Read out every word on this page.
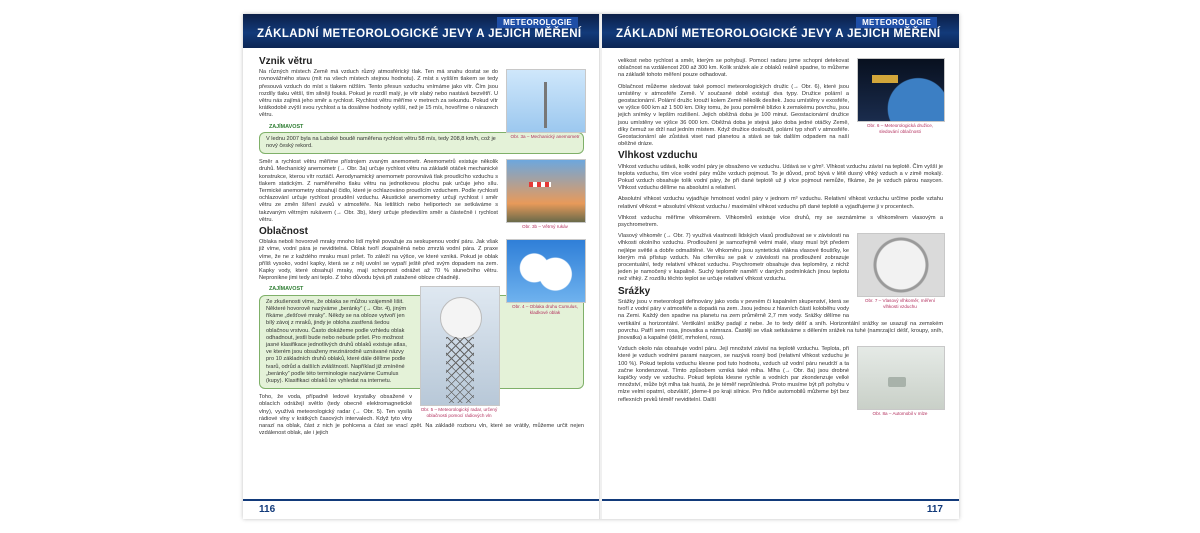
METEOROLOGIE
ZÁKLADNÍ METEOROLOGICKÉ JEVY A JEJICH MĚŘENÍ
Vznik větru
Obr. 3a – Mechanický anemometr

Na různých místech Země má vzduch různý atmosférický tlak. Ten má snahu dostat se do rovnovážného stavu (mít na všech místech stejnou hodnotu). Z míst s vyšším tlakem se tedy přesouvá vzduch do míst s tlakem nižším. Tento přesun vzduchu vnímáme jako vítr. Čím jsou rozdíly tlaku větší, tím silněji fouká. Pokud je rozdíl malý, je vítr slabý nebo nastává bezvětří. U větru nás zajímá jeho směr a rychlost. Rychlost větru měříme v metrech za sekundu. Pokud vítr krátkodobě zvýší svou rychlost a ta dosáhne hodnoty vyšší, než je 15 m/s, hovoříme o nárazech větru.

ZAJÍMAVOST
V lednu 2007 byla na Labské boudě naměřena rychlost větru 58 m/s, tedy 208,8 km/h, což je nový český rekord.
Obr. 3b – Větrný rukáv

Směr a rychlost větru měříme přístrojem zvaným anemometr. Anemometrů existuje několik druhů. Mechanický anemometr (→ Obr. 3a) určuje rychlost větru na základě otáček mechanické konstrukce, kterou vítr roztáčí. Aerodynamický anemometr porovnává tlak proudícího vzduchu s tlakem statickým. Z naměřeného tlaku větru na jednotkovou plochu pak určuje jeho sílu. Termické anemometry obsahují čidlo, které je ochlazováno proudícím vzduchem. Podle rychlosti ochlazování určuje rychlost proudění vzduchu. Akustické anemometry určují rychlost i směr větru ze změn šíření zvuků v atmosféře. Na letištích nebo heliportech se setkáváme s takzvaným větrným rukávem (→ Obr. 3b), který určuje především směr a částečně i rychlost větru.

Oblačnost
Obr. 4 – Oblaka druhu Cumulus, kladkové oblak

Oblaka neboli hovorově mraky mnoho lidí mylně považuje za seskupenou vodní páru. Jak však již víme, vodní pára je neviditelná. Oblak tvoří zkapalněná nebo zmrzlá vodní pára. Z praxe víme, že ne z každého mraku musí pršet. To záleží na výšce, ve které vzniká. Pokud je oblak příliš vysoko, vodní kapky, která se z něj uvolní se vypaří ještě před svým dopadem na zem. Kapky vody, které obsahují mraky, mají schopnost odrážet až 70 % slunečního větru. Nepronikne jimi tedy ani teplo. Z toho důvodu bývá při zatažené obloze chladněji.

Obr. 5 – Meteorologický radar, určený oblačnosti pomocí rádiových vln
ZAJÍMAVOST
Ze zkušenosti víme, že oblaka se můžou vzájemně lišit. Některé hovorově nazýváme „beránky“ (→ Obr. 4), jiným říkáme „dešťové mraky“. Někdy se na obloze vytvoří jen bílý závoj z mraků, jindy je obloha zastřená šedou oblačnou vrstvou. Často dokážeme podle vzhledu oblak odhadnout, jestli bude nebo nebude pršet. Pro možnost jasné klasifikace jednotlivých druhů oblaků existuje atlas, ve kterém jsou obsaženy mezinárodně uznávané názvy pro 10 základních druhů oblaků, které dále dělíme podle tvarů, odrůd a dalších zvláštností. Například již zmíněné „beránky“ podle této terminologie nazýváme Cumulus (kupy). Klasifikaci oblaků lze vyhledat na internetu.

Toho, že voda, případně ledové krystalky obsažené v oblacích odrážejí světlo (tedy obecně elektromagnetické vlny), využívá meteorologický radar (→ Obr. 5). Ten vysílá rádiové vlny v krátkých časových intervalech. Když tyto vlny narazí na oblak, část z nich je pohlcena a část se vrací zpět. Na základě rozboru vln, které se vrátily, můžeme určit nejen vzdálenost oblak, ale i jejich

116
METEOROLOGIE
ZÁKLADNÍ METEOROLOGICKÉ JEVY A JEJICH MĚŘENÍ
Obr. 6 – Meteorologická družice, sledování oblačnosti

velikost nebo rychlost a směr, kterým se pohybují. Pomocí radaru jsme schopni detekovat oblačnost na vzdálenost 200 až 300 km. Kolik srážek ale z oblaků reálně spadne, to můžeme na základě tohoto měření pouze odhadovat.

Oblačnost můžeme sledovat také pomocí meteorologických družic (→ Obr. 6), které jsou umístěny v atmosféře Země. V současné době existují dva typy. Družice polární a geostacionární. Polární družic krouží kolem Země několik desítek. Jsou umístěny v exosféře, ve výšce 600 km až 1 500 km. Díky tomu, že jsou poměrně blízko k zemskému povrchu, jsou jejich snímky v lepším rozlišení. Jejich oběžná doba je 100 minut. Geostacionární družice jsou umístěny ve výšce 36 000 km. Oběžná doba je stejná jako doba jedné otáčky Země, díky čemuž se drží nad jedním místem. Když družice dosloužil, polární typ shoří v atmosféře. Geostacionární ale zůstává viset nad planetou a stává se tak dalším odpadem na naší oběžné dráze.

Vlhkost vzduchu

Vlhkost vzduchu udává, kolik vodní páry je obsaženo ve vzduchu. Udává se v g/m³. Vlhkost vzduchu závisí na teplotě. Čím vyšší je teplota vzduchu, tím více vodní páry může vzduch pojmout. To je důvod, proč bývá v létě dusný vlhký vzduch a v zimě mokalý. Pokud vzduch obsahuje tolik vodní páry, že při dané teplotě už ji více pojmout nemůže, říkáme, že je vzduch párou nasycen. Vlhkost vzduchu dělíme na absolutní a relativní.

Absolutní vlhkost vzduchu vyjadřuje hmotnost vodní páry v jednom m³ vzduchu. Relativní vlhkost vzduchu určíme podle vztahu relativní vlhkost = absolutní vlhkost vzduchu / maximální vlhkost vzduchu při dané teplotě a vyjadřujeme ji v procentech.

Vlhkost vzduchu měříme vlhkoměrem. Vlhkoměrů existuje více druhů, my se seznámíme s vlhkoměrem vlasovým a psychrometrem.

Obr. 7 – Vlasový vlhkoměr, měření vlhkosti vzduchu

Vlasový vlhkoměr (→ Obr. 7) využívá vlastnosti lidských vlasů prodlužovat se v závislosti na vlhkosti okolního vzduchu. Prodloužení je samozřejmě velmi malé, vlasy musí být předem nejlépe světlé a dobře odmaštěné. Ve vlhkoměru jsou syntetická vlákna vlasové tloušťky, ke kterým má přístup vzduch. Na ciferníku se pak v závislosti na prodloužení zobrazuje procentuální, tedy relativní vlhkost vzduchu. Psychrometr obsahuje dva teploměry, z nichž jeden je namočený v kapalině. Suchý teploměr naměří v daných podmínkách jinou teplotu než vlhký. Z rozdílu těchto teplot se určuje relativní vlhkost vzduchu.

Srážky

Srážky jsou v meteorologii definovány jako voda v pevném či kapalném skupenství, která se tvoří z vodní páry v atmosféře a dopadá na zem. Jsou jednou z hlavních částí koloběhu vody na Zemi. Každý den spadne na planetu na zem průměrně 2,7 mm vody. Srážky dělíme na vertikální a horizontální. Vertikální srážky padají z nebe. Je to tedy déšť a sníh. Horizontální srážky se usazují na zemském povrchu. Patří sem rosa, jinovatka a námraza. Častěji se však setkáváme s dělením srážek na tuhé (namrzající déšť, kroupy, sníh, jinovatka) a kapalné (déšť, mrholení, rosa).

Obr. 8a – Automobil v mlze

Vzduch okolo nás obsahuje vodní páru. Její množství závisí na teplotě vzduchu. Teplota, při které je vzduch vodními parami nasycen, se nazývá rosný bod (relativní vlhkost vzduchu je 100 %). Pokud teplota vzduchu klesne pod tuto hodnotu, vzduch už vodní páru neudrží a ta začne kondenzovat. Tímto způsobem vzniká také mlha. Mlha (→ Obr. 8a) jsou drobné kapičky vody ve vzduchu. Pokud teplota klesne rychle a vodních par zkondenzuje velké množství, může být mlha tak hustá, že je téměř neprůhledná. Proto musíme být při pohybu v mlze velmi opatrní, obzvlášť, jdeme-li po kraji silnice. Pro řidiče automobilů můžeme být bez reflexních prvků téměř neviditelní. Další

117
